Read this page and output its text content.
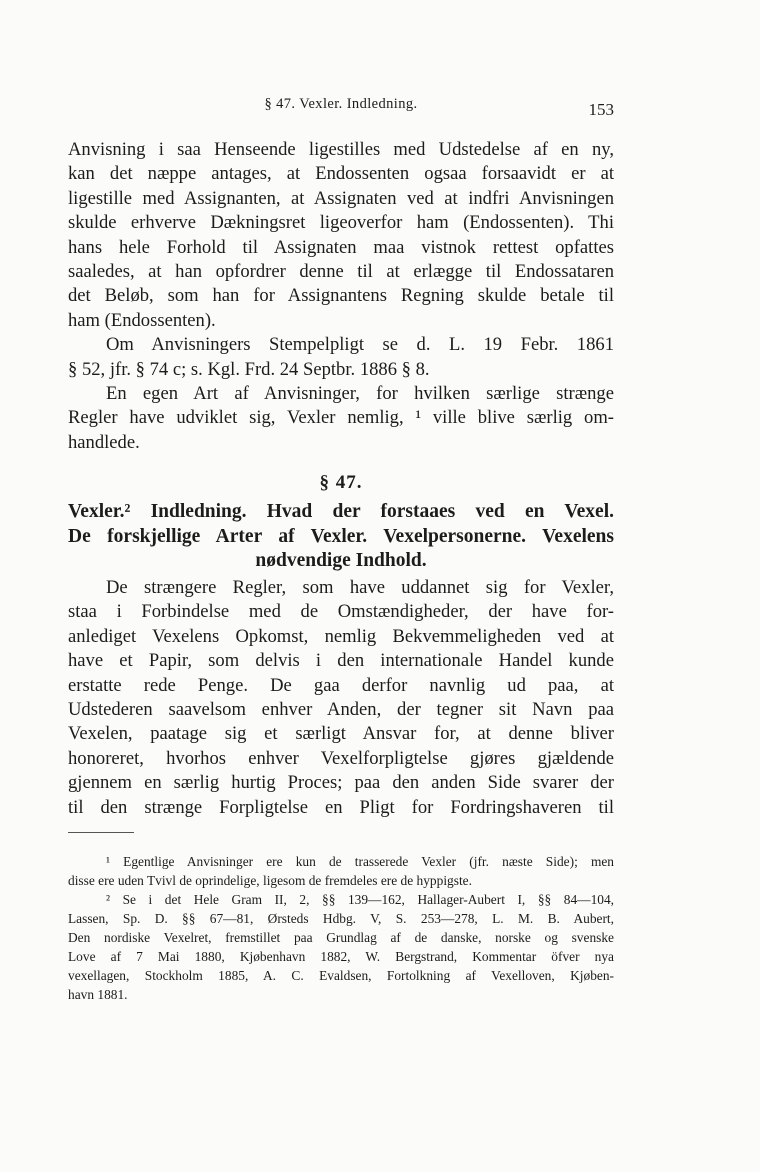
§ 47. Vexler. Indledning.	153
Anvisning i saa Henseende ligestilles med Udstedelse af en ny,
kan det næppe antages, at Endossenten ogsaa forsaavidt er at
ligestille med Assignanten, at Assignaten ved at indfri Anvisningen
skulde erhverve Dækningsret ligeoverfor ham (Endossenten). Thi
hans hele Forhold til Assignaten maa vistnok rettest opfattes
saaledes, at han opfordrer denne til at erlægge til Endossataren
det Beløb, som han for Assignantens Regning skulde betale til
ham (Endossenten).
Om Anvisningers Stempelpligt se d. L. 19 Febr. 1861
§ 52, jfr. § 74 c; s. Kgl. Frd. 24 Septbr. 1886 § 8.
En egen Art af Anvisninger, for hvilken særlige strænge
Regler have udviklet sig, Vexler nemlig, ¹ ville blive særlig om-
handlede.
§ 47.
Vexler.² Indledning. Hvad der forstaaes ved en Vexel.
De forskjellige Arter af Vexler. Vexelpersonerne. Vexelens
nødvendige Indhold.
De strængere Regler, som have uddannet sig for Vexler,
staa i Forbindelse med de Omstændigheder, der have for-
anlediget Vexelens Opkomst, nemlig Bekvemmeligheden ved at
have et Papir, som delvis i den internationale Handel kunde
erstatte rede Penge. De gaa derfor navnlig ud paa, at
Udstederen saavelsom enhver Anden, der tegner sit Navn paa
Vexelen, paatage sig et særligt Ansvar for, at denne bliver
honoreret, hvorhos enhver Vexelforpligtelse gjøres gjældende
gjennem en særlig hurtig Proces; paa den anden Side svarer der
til den strænge Forpligtelse en Pligt for Fordringshaveren til
¹ Egentlige Anvisninger ere kun de trasserede Vexler (jfr. næste Side); men
disse ere uden Tvivl de oprindelige, ligesom de fremdeles ere de hyppigste.
² Se i det Hele Gram II, 2, §§ 139—162, Hallager-Aubert I, §§ 84—104,
Lassen, Sp. D. §§ 67—81, Ørsteds Hdbg. V, S. 253—278, L. M. B. Aubert,
Den nordiske Vexelret, fremstillet paa Grundlag af de danske, norske og svenske
Love af 7 Mai 1880, Kjøbenhavn 1882, W. Bergstrand, Kommentar öfver nya
vexellagen, Stockholm 1885, A. C. Evaldsen, Fortolkning af Vexelloven, Kjøben-
havn 1881.
